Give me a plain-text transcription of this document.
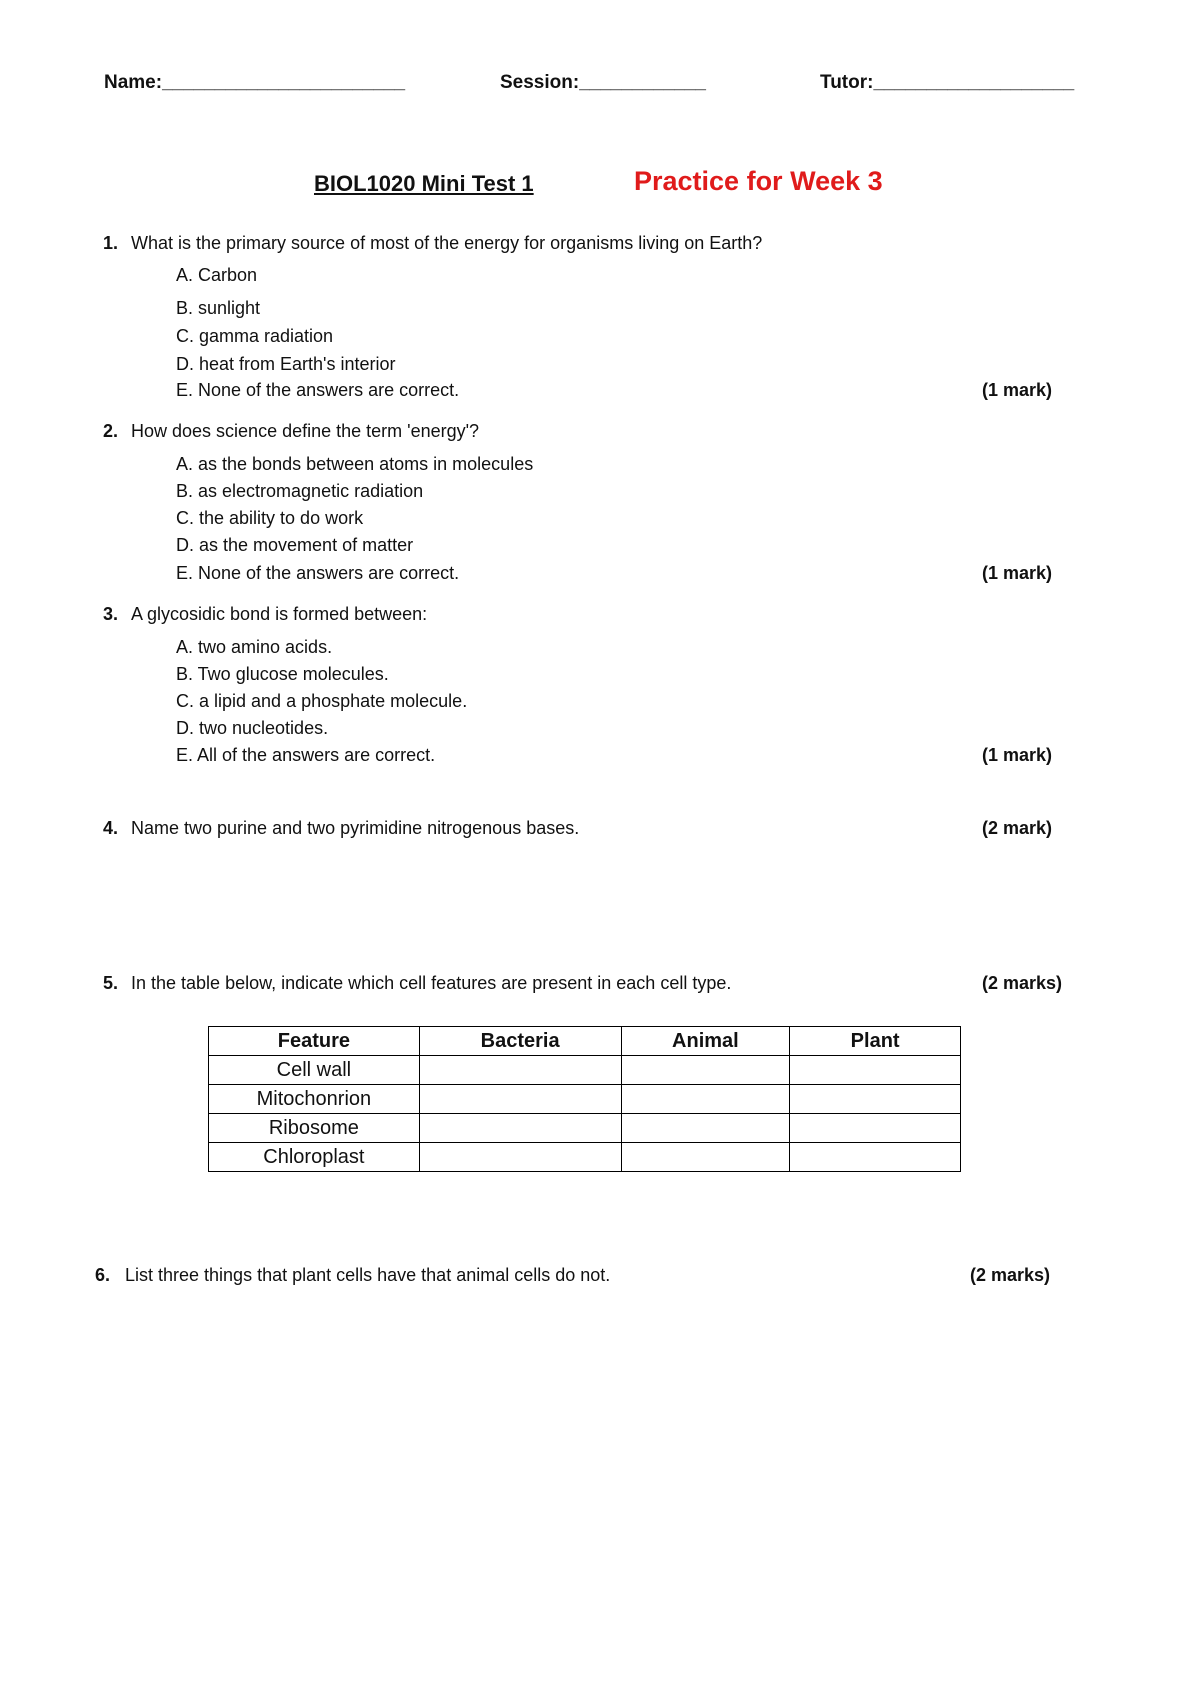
Name:_______________________	Session:____________	Tutor:___________________
BIOL1020 Mini Test 1	Practice for Week 3
1. What is the primary source of most of the energy for organisms living on Earth?
A. Carbon
B. sunlight
C. gamma radiation
D. heat from Earth's interior
E. None of the answers are correct.	(1 mark)
2. How does science define the term 'energy'?
A. as the bonds between atoms in molecules
B. as electromagnetic radiation
C. the ability to do work
D. as the movement of matter
E. None of the answers are correct.	(1 mark)
3. A glycosidic bond is formed between:
A. two amino acids.
B. Two glucose molecules.
C. a lipid and a phosphate molecule.
D. two nucleotides.
E. All of the answers are correct.	(1 mark)
4. Name two purine and two pyrimidine nitrogenous bases.	(2 mark)
5. In the table below, indicate which cell features are present in each cell type.	(2 marks)
Feature	Bacteria	Animal	Plant
Cell wall			
Mitochonrion			
Ribosome			
Chloroplast			
6. List three things that plant cells have that animal cells do not.	(2 marks)
